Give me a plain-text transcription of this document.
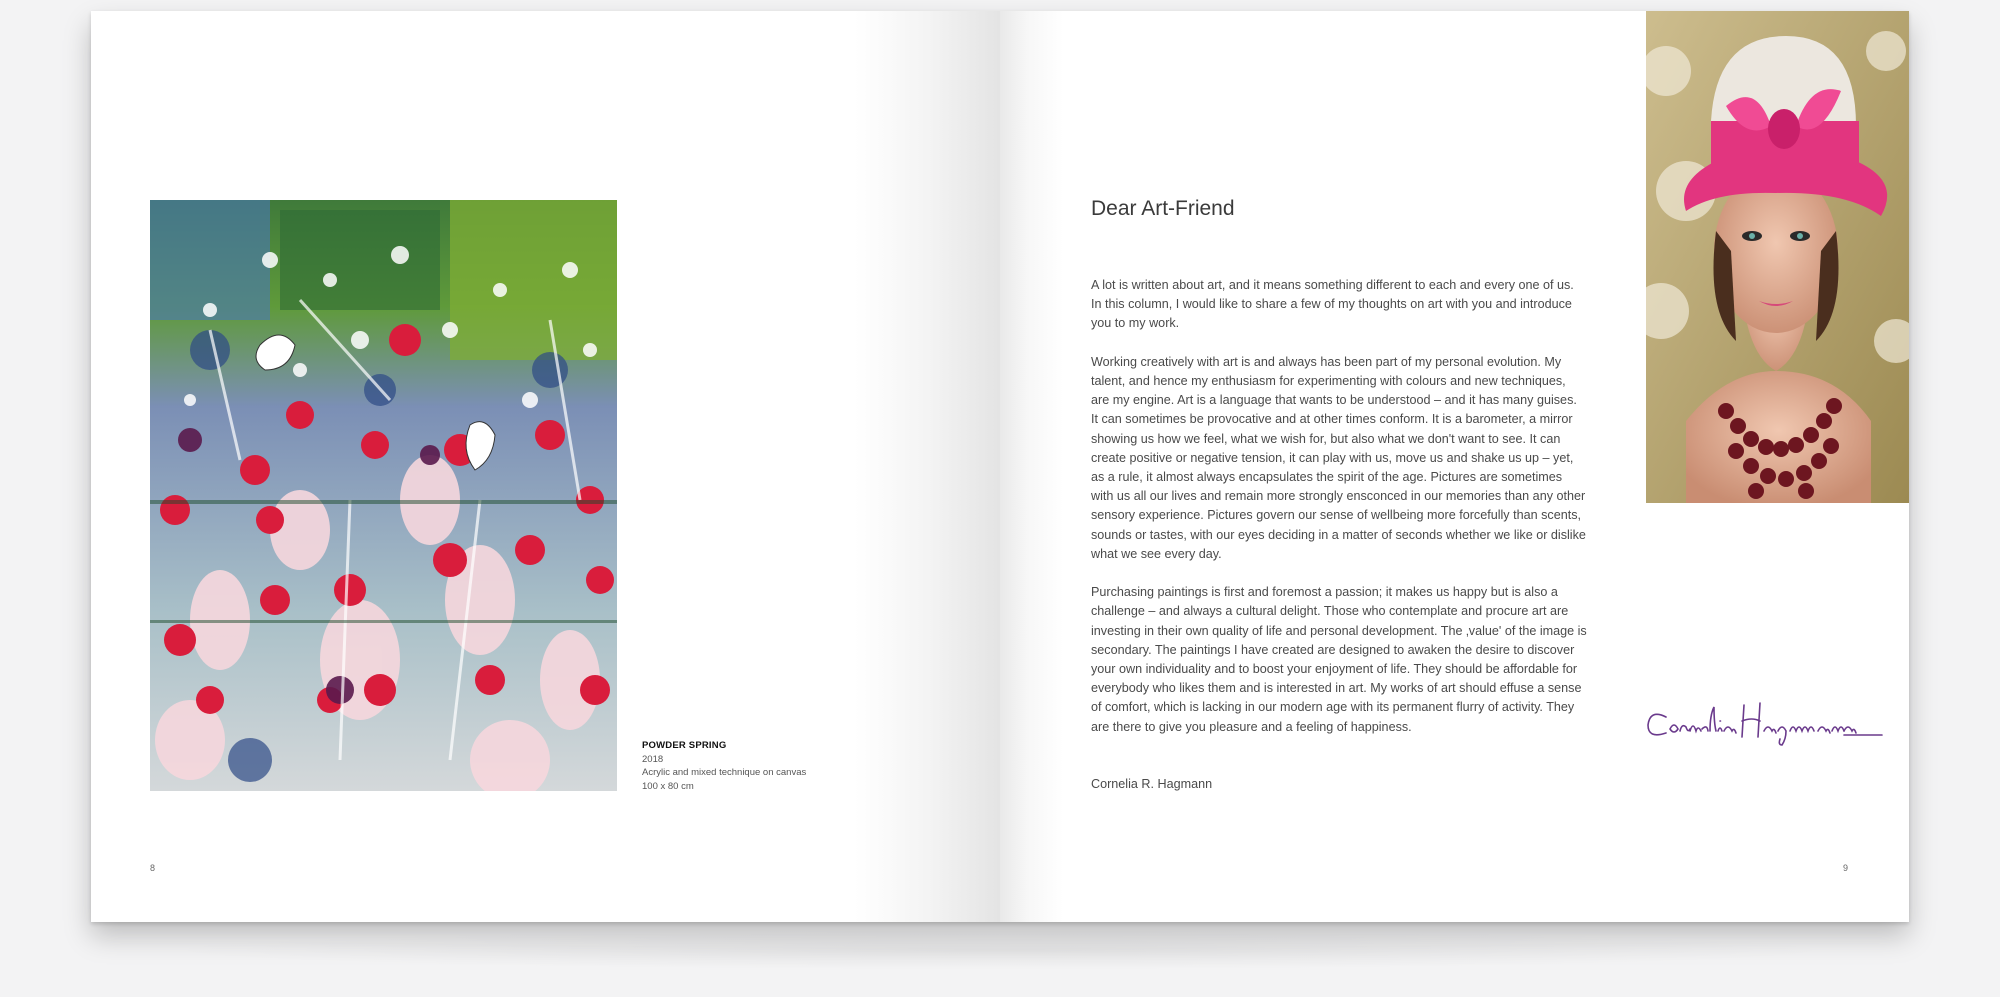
POWDER SPRING
2018
Acrylic and mixed technique on canvas
100 x 80 cm
8
Dear Art-Friend

A lot is written about art, and it means something different to each and every one of us. In this column, I would like to share a few of my thoughts on art with you and introduce you to my work.

Working creatively with art is and always has been part of my personal evolution. My talent, and hence my enthusiasm for experimenting with colours and new techniques, are my engine. Art is a language that wants to be understood – and it has many guises. It can sometimes be provocative and at other times conform. It is a barometer, a mirror showing us how we feel, what we wish for, but also what we don't want to see. It can create positive or negative tension, it can play with us, move us and shake us up – yet, as a rule, it almost always encapsulates the spirit of the age. Pictures are sometimes with us all our lives and remain more strongly ensconced in our memories than any other sensory experience. Pictures govern our sense of wellbeing more forcefully than scents, sounds or tastes, with our eyes deciding in a matter of seconds whether we like or dislike what we see every day.

Purchasing paintings is first and foremost a passion; it makes us happy but is also a challenge – and always a cultural delight. Those who contemplate and procure art are investing in their own quality of life and personal development. The ‚value' of the image is secondary. The paintings I have created are designed to awaken the desire to discover your own individuality and to boost your enjoyment of life. They should be affordable for everybody who likes them and is interested in art. My works of art should effuse a sense of comfort, which is lacking in our modern age with its permanent flurry of activity. They are there to give you pleasure and a feeling of happiness.

Cornelia R. Hagmann
9
